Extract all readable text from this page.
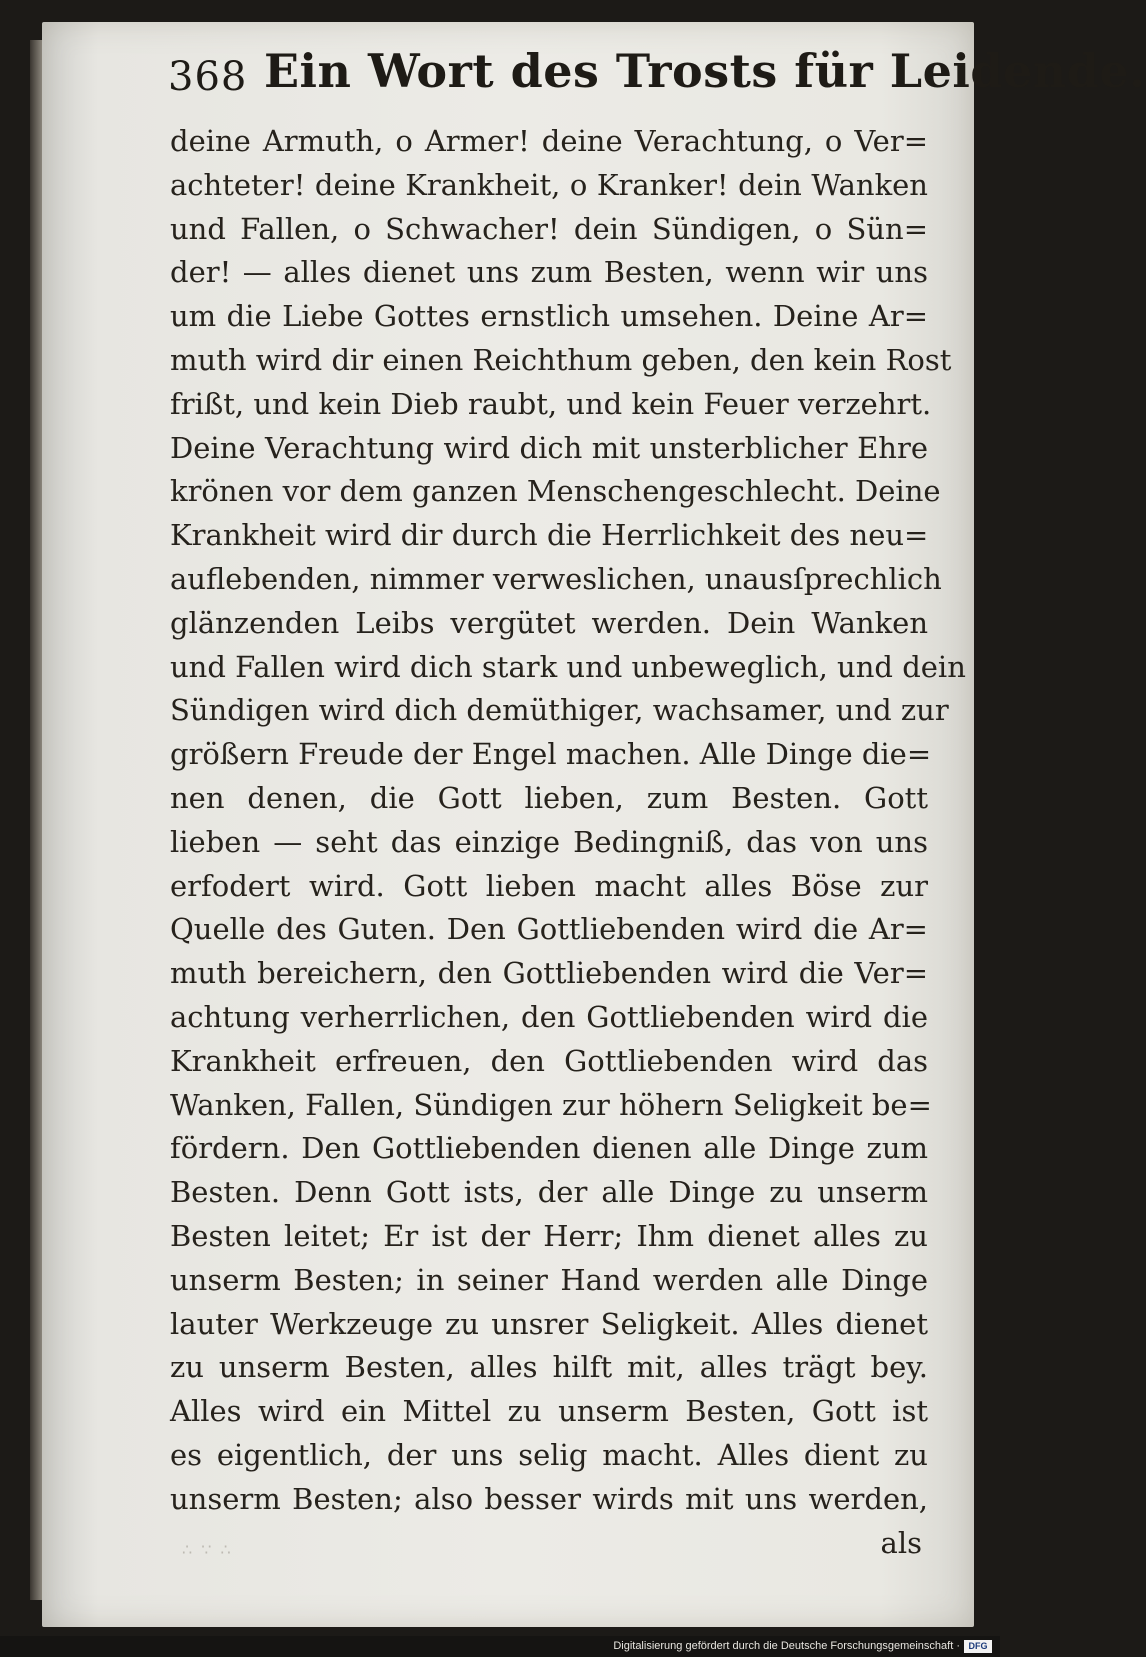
368 Ein Wort des Trosts für Leidende.
deine Armuth, o Armer! deine Verachtung, o Ver=
achteter! deine Krankheit, o Kranker! dein Wanken
und Fallen, o Schwacher! dein Sündigen, o Sün=
der! — alles dienet uns zum Besten, wenn wir uns
um die Liebe Gottes ernstlich umsehen. Deine Ar=
muth wird dir einen Reichthum geben, den kein Rost
frißt, und kein Dieb raubt, und kein Feuer verzehrt.
Deine Verachtung wird dich mit unsterblicher Ehre
krönen vor dem ganzen Menschengeschlecht. Deine
Krankheit wird dir durch die Herrlichkeit des neu=
auflebenden, nimmer verweslichen, unausſprechlich
glänzenden Leibs vergütet werden. Dein Wanken
und Fallen wird dich stark und unbeweglich, und dein
Sündigen wird dich demüthiger, wachsamer, und zur
größern Freude der Engel machen. Alle Dinge die=
nen denen, die Gott lieben, zum Besten. Gott
lieben — seht das einzige Bedingniß, das von uns
erfodert wird. Gott lieben macht alles Böse zur
Quelle des Guten. Den Gottliebenden wird die Ar=
muth bereichern, den Gottliebenden wird die Ver=
achtung verherrlichen, den Gottliebenden wird die
Krankheit erfreuen, den Gottliebenden wird das
Wanken, Fallen, Sündigen zur höhern Seligkeit be=
fördern. Den Gottliebenden dienen alle Dinge zum
Besten. Denn Gott ists, der alle Dinge zu unserm
Besten leitet; Er ist der Herr; Ihm dienet alles zu
unserm Besten; in seiner Hand werden alle Dinge
lauter Werkzeuge zu unsrer Seligkeit. Alles dienet
zu unserm Besten, alles hilft mit, alles trägt bey.
Alles wird ein Mittel zu unserm Besten, Gott ist
es eigentlich, der uns selig macht. Alles dient zu
unserm Besten; also besser wirds mit uns werden,
als
∴ ∵ ∴
Digitalisierung gefördert durch die Deutsche Forschungsgemeinschaft · DFG
